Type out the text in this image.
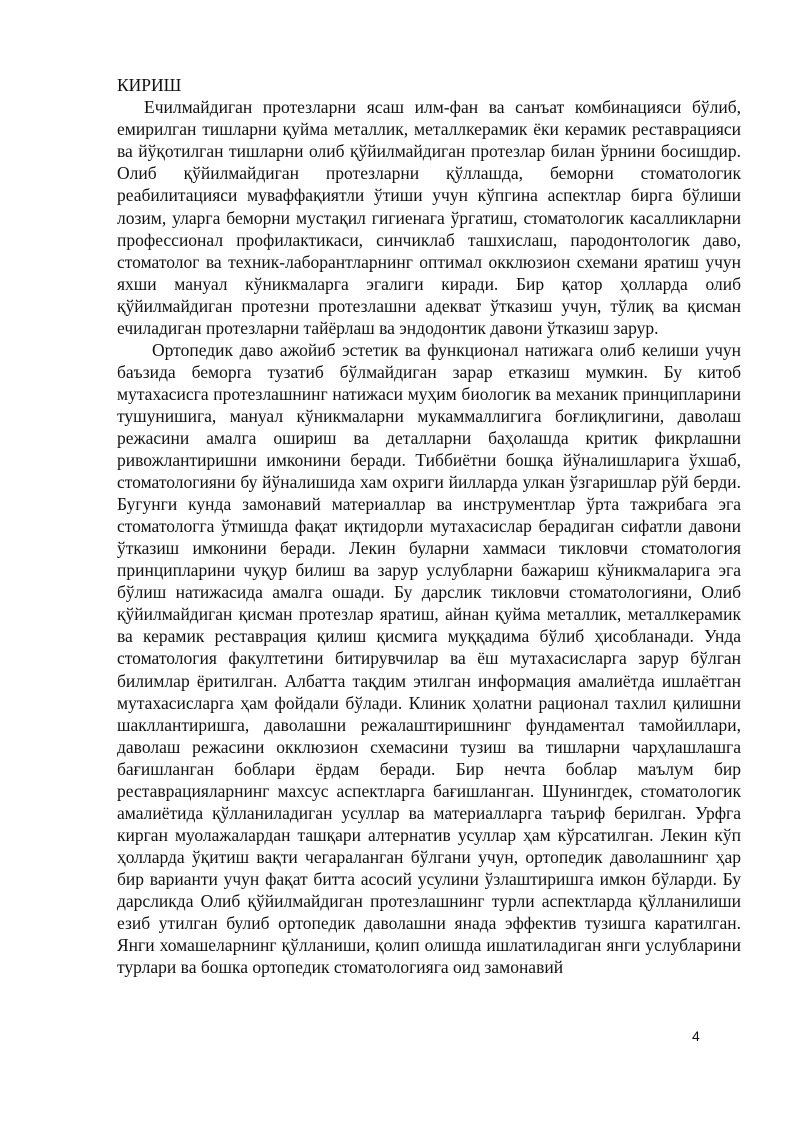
КИРИШ

Ечилмайдиган протезларни ясаш илм-фан ва санъат комбинацияси бўлиб, емирилган тишларни қуйма металлик, металлкерамик ёки керамик реставрацияси ва йўқотилган тишларни олиб қўйилмайдиган протезлар билан ўрнини босишдир. Олиб қўйилмайдиган протезларни қўллашда, беморни стоматологик реабилитацияси муваффақиятли ўтиши учун кўпгина аспектлар бирга бўлиши лозим, уларга беморни мустақил гигиенага ўргатиш, стоматологик касалликларни профессионал профилактикаси, синчиклаб ташхислаш, пародонтологик даво, стоматолог ва техник-лаборантларнинг оптимал окклюзион схемани яратиш учун яхши мануал кўникмаларга эгалиги киради. Бир қатор ҳолларда олиб қўйилмайдиган протезни протезлашни адекват ўтказиш учун, тўлиқ ва қисман ечиладиган протезларни тайёрлаш ва эндодонтик давони ўтказиш зарур.

Ортопедик даво ажойиб эстетик ва функционал натижага олиб келиши учун баъзида беморга тузатиб бўлмайдиган зарар етказиш мумкин. Бу китоб мутахасисга протезлашнинг натижаси муҳим биологик ва механик принципларини тушунишига, мануал кўникмаларни мукаммаллигига боғлиқлигини, даволаш режасини амалга ошириш ва деталларни баҳолашда критик фикрлашни ривожлантиришни имконини беради. Тиббиётни бошқа йўналишларига ўхшаб, стоматологияни бу йўналишида хам охриги йилларда улкан ўзгаришлар рўй берди. Бугунги кунда замонавий материаллар ва инструментлар ўрта тажрибага эга стоматологга ўтмишда фақат иқтидорли мутахасислар берадиган сифатли давони ўтказиш имконини беради. Лекин буларни хаммаси тикловчи стоматология принципларини чуқур билиш ва зарур услубларни бажариш кўникмаларига эга бўлиш натижасида амалга ошади. Бу дарслик тикловчи стоматологияни, Олиб қўйилмайдиган қисман протезлар яратиш, айнан қуйма металлик, металлкерамик ва керамик реставрация қилиш қисмига муққадима бўлиб ҳисобланади. Унда стоматология факултетини битирувчилар ва ёш мутахасисларга зарур бўлган билимлар ёритилган. Албатта тақдим этилган информация амалиётда ишлаётган мутахасисларга ҳам фойдали бўлади. Клиник ҳолатни рационал тахлил қилишни шакллантиришга, даволашни режалаштиришнинг фундаментал тамойиллари, даволаш режасини окклюзион схемасини тузиш ва тишларни чарҳлашлашга бағишланган боблари ёрдам беради. Бир нечта боблар маълум бир реставрацияларнинг махсус аспектларга бағишланган. Шунингдек, стоматологик амалиётида қўлланиладиган усуллар ва материалларга таъриф берилган. Урфга кирган муолажалардан ташқари алтернатив усуллар ҳам кўрсатилган. Лекин кўп ҳолларда ўқитиш вақти чегараланган бўлгани учун, ортопедик даволашнинг ҳар бир варианти учун фақат битта асосий усулини ўзлаштиришга имкон бўларди. Бу дарсликда Олиб қўйилмайдиган протезлашнинг турли аспектларда қўлланилиши езиб утилган булиб ортопедик даволашни янада эффектив тузишга каратилган. Янги хомашеларнинг қўлланиши, қолип олишда ишлатиладиган янги услубларини турлари ва бошка ортопедик стоматологияга оид замонавий

4
